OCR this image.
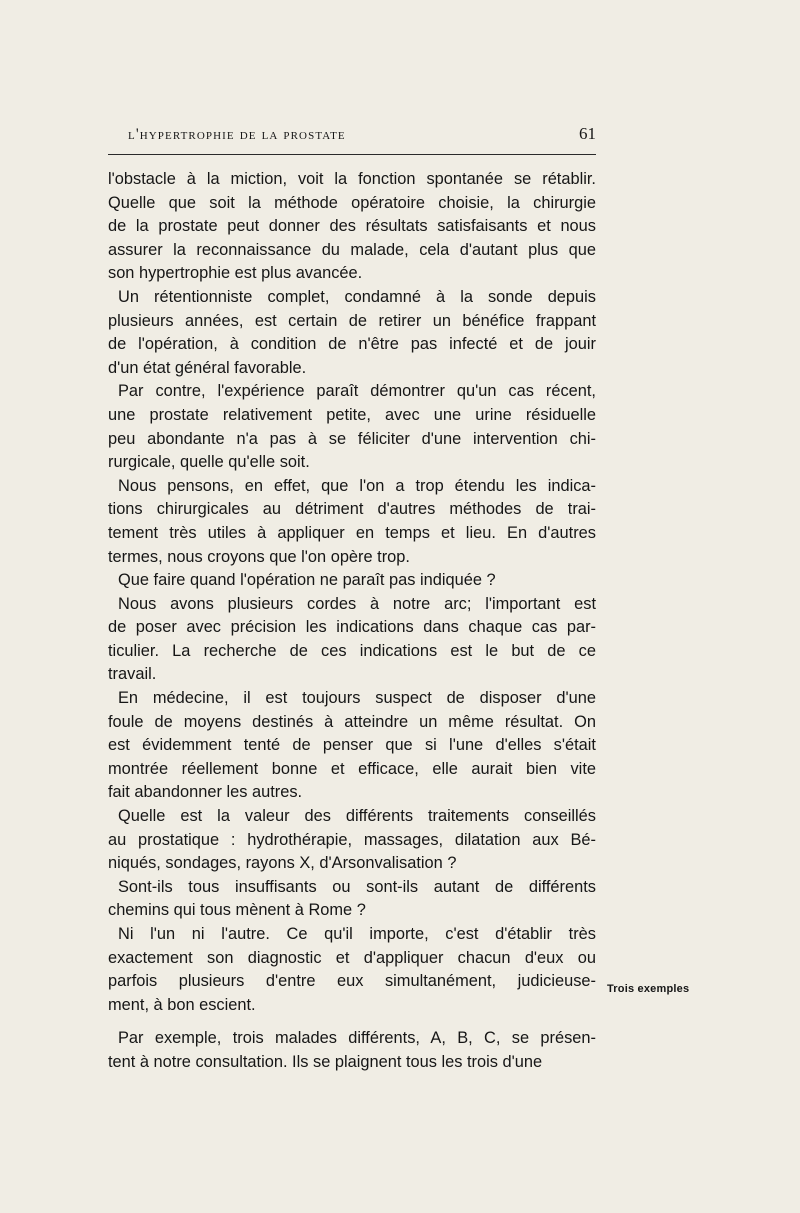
l'hypertrophie de la prostate	61

l'obstacle à la miction, voit la fonction spontanée se rétablir.
Quelle que soit la méthode opératoire choisie, la chirurgie
de la prostate peut donner des résultats satisfaisants et nous
assurer la reconnaissance du malade, cela d'autant plus que
son hypertrophie est plus avancée.

Un rétentionniste complet, condamné à la sonde depuis
plusieurs années, est certain de retirer un bénéfice frappant
de l'opération, à condition de n'être pas infecté et de jouir
d'un état général favorable.

Par contre, l'expérience paraît démontrer qu'un cas récent,
une prostate relativement petite, avec une urine résiduelle
peu abondante n'a pas à se féliciter d'une intervention chi-
rurgicale, quelle qu'elle soit.

Nous pensons, en effet, que l'on a trop étendu les indica-
tions chirurgicales au détriment d'autres méthodes de trai-
tement très utiles à appliquer en temps et lieu. En d'autres
termes, nous croyons que l'on opère trop.

Que faire quand l'opération ne paraît pas indiquée ?

Nous avons plusieurs cordes à notre arc; l'important est
de poser avec précision les indications dans chaque cas par-
ticulier. La recherche de ces indications est le but de ce
travail.

En médecine, il est toujours suspect de disposer d'une
foule de moyens destinés à atteindre un même résultat. On
est évidemment tenté de penser que si l'une d'elles s'était
montrée réellement bonne et efficace, elle aurait bien vite
fait abandonner les autres.

Quelle est la valeur des différents traitements conseillés
au prostatique : hydrothérapie, massages, dilatation aux Bé-
niqués, sondages, rayons X, d'Arsonvalisation ?

Sont-ils tous insuffisants ou sont-ils autant de différents
chemins qui tous mènent à Rome ?

Ni l'un ni l'autre. Ce qu'il importe, c'est d'établir très
exactement son diagnostic et d'appliquer chacun d'eux ou
parfois plusieurs d'entre eux simultanément, judicieuse-
ment, à bon escient.

Par exemple, trois malades différents, A, B, C, se présen-
tent à notre consultation. Ils se plaignent tous les trois d'une

Trois exemples
